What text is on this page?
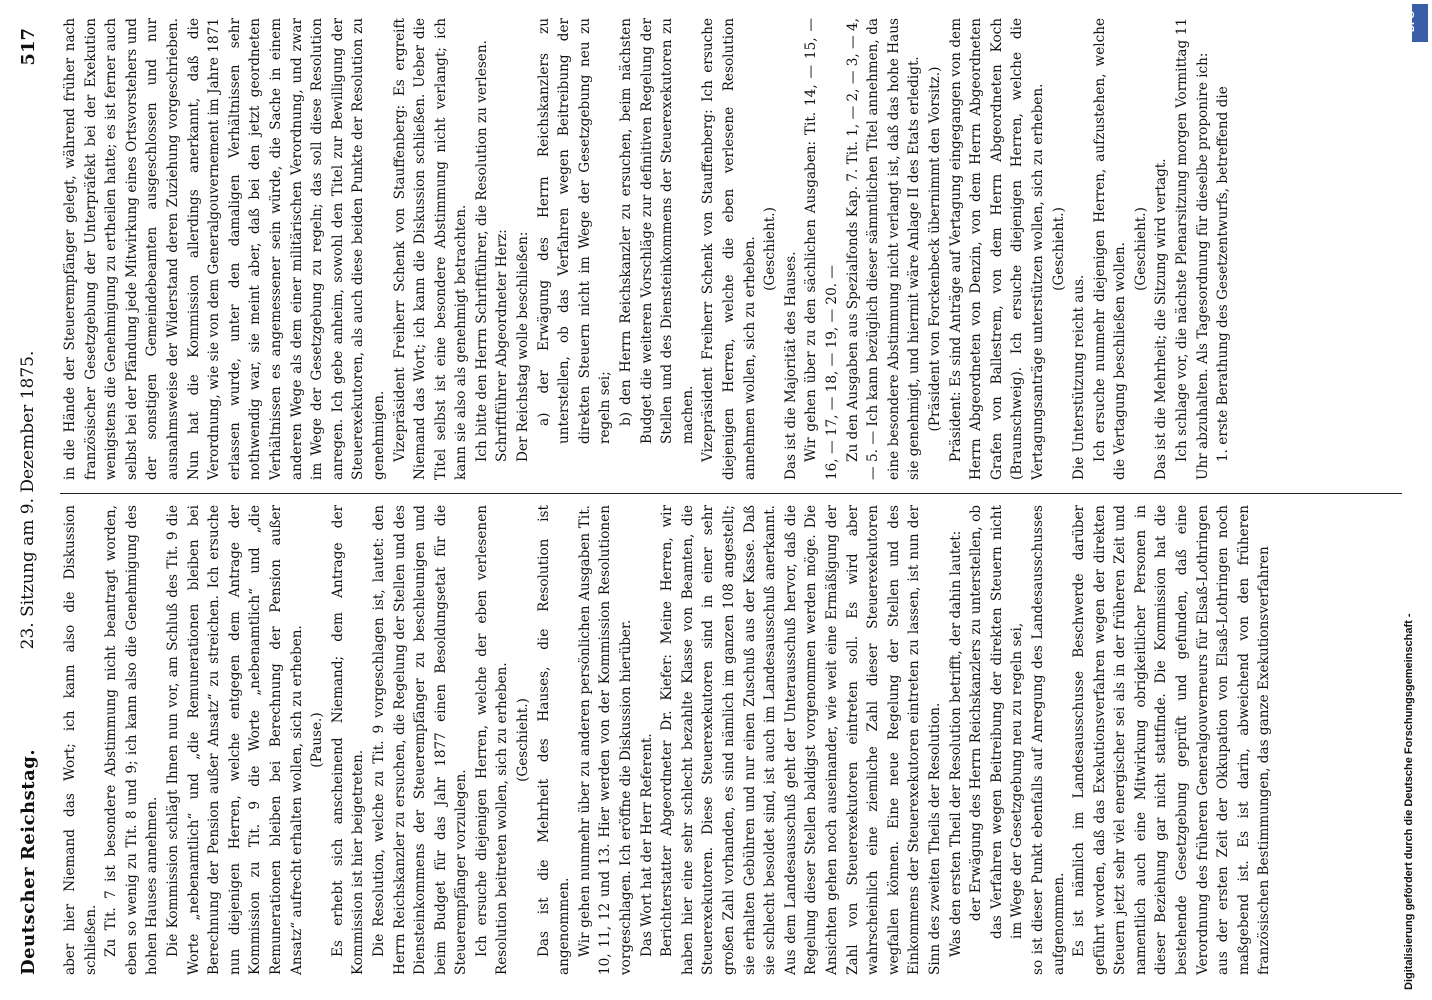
Deutscher Reichstag.
23. Sitzung am 9. Dezember 1875.
517

aber hier Niemand das Wort; ich kann also die Diskussion schließen. Zu Tit. 7 ist besondere Abstimmung nicht beantragt worden, eben so wenig zu Tit. 8 und 9; ich kann also die Genehmigung des hohen Hauses annehmen. Die Kommission schlägt Ihnen nun vor, am Schluß des Tit. 9 die Worte „nebenamtlich“ und „die Remunerationen bleiben bei Berechnung der Pension außer Ansatz“ zu streichen. Ich ersuche nun diejenigen Herren, welche entgegen dem Antrage der Kommission zu Tit. 9 die Worte „nebenamtlich“ und „die Remunerationen bleiben bei Berechnung der Pension außer Ansatz“ aufrecht erhalten wollen, sich zu erheben. (Pause.) Es erhebt sich anscheinend Niemand; dem Antrage der Kommission ist hier beigetreten. Die Resolution, welche zu Tit. 9 vorgeschlagen ist, lautet: den Herrn Reichskanzler zu ersuchen, die Regelung der Stellen und des Diensteinkommens der Steuerempfänger zu beschleunigen und beim Budget für das Jahr 1877 einen Besoldungsetat für die Steuerempfänger vorzulegen. Ich ersuche diejenigen Herren, welche der eben verlesenen Resolution beitreten wollen, sich zu erheben. (Geschieht.) Das ist die Mehrheit des Hauses, die Resolution ist angenommen. Wir gehen nunmehr über zu anderen persönlichen Ausgaben Tit. 10, 11, 12 und 13. Hier werden von der Kommission Resolutionen vorgeschlagen. Ich eröffne die Diskussion hierüber. Das Wort hat der Herr Referent. Berichterstatter Abgeordneter Dr. Kiefer: Meine Herren, wir haben hier eine sehr schlecht bezahlte Klasse von Beamten, die Steuerexekutoren. Diese Steuerexekutoren sind in einer sehr großen Zahl vorhanden, es sind nämlich im ganzen 108 angestellt; sie erhalten Gebühren und nur einen Zuschuß aus der Kasse. Daß sie schlecht besoldet sind, ist auch im Landesausschuß anerkannt. Aus dem Landesausschuß geht der Unterausschuß hervor, daß die Regelung dieser Stellen baldigst vorgenommen werden möge. Die Ansichten gehen noch auseinander, wie weit eine Ermäßigung der Zahl von Steuerexekutoren eintreten soll. Es wird aber wahrscheinlich eine ziemliche Zahl dieser Steuerexekutoren wegfallen können. Eine neue Regelung der Stellen und des Einkommens der Steuerexekutoren eintreten zu lassen, ist nun der Sinn des zweiten Theils der Resolution. Was den ersten Theil der Resolution betrifft, der dahin lautet: der Erwägung des Herrn Reichskanzlers zu unterstellen, ob das Verfahren wegen Beitreibung der direkten Steuern nicht im Wege der Gesetzgebung neu zu regeln sei, so ist dieser Punkt ebenfalls auf Anregung des Landesausschusses aufgenommen. Es ist nämlich im Landesausschusse Beschwerde darüber geführt worden, daß das Exekutionsverfahren wegen der direkten Steuern jetzt sehr viel energischer sei als in der früheren Zeit und namentlich auch eine Mitwirkung obrigkeitlicher Personen in dieser Beziehung gar nicht stattfinde. Die Kommission hat die bestehende Gesetzgebung geprüft und gefunden, daß eine Verordnung des früheren Generalgouverneurs für Elsaß-Lothringen aus der ersten Zeit der Okkupation von Elsaß-Lothringen noch maßgebend ist. Es ist darin, abweichend von den früheren französischen Bestimmungen, das ganze Exekutionsverfahren

in die Hände der Steuerempfänger gelegt, während früher nach französischer Gesetzgebung der Unterpräfekt bei der Exekution wenigstens die Genehmigung zu ertheilen hatte; es ist ferner auch selbst bei der Pfändung jede Mitwirkung eines Ortsvorstehers und der sonstigen Gemeindebeamten ausgeschlossen und nur ausnahmsweise der Widerstand deren Zuziehung vorgeschrieben. Nun hat die Kommission allerdings anerkannt, daß die Verordnung, wie sie von dem Generalgouvernement im Jahre 1871 erlassen wurde, unter den damaligen Verhältnissen sehr nothwendig war, sie meint aber, daß bei den jetzt geordneten Verhältnissen es angemessener sein würde, die Sache in einem anderen Wege als dem einer militärischen Verordnung, und zwar im Wege der Gesetzgebung zu regeln; das soll diese Resolution anregen. Ich gebe anheim, sowohl den Titel zur Bewilligung der Steuerexekutoren, als auch diese beiden Punkte der Resolution zu genehmigen. Vizepräsident Freiherr Schenk von Stauffenberg: Es ergreift Niemand das Wort; ich kann die Diskussion schließen. Ueber die Titel selbst ist eine besondere Abstimmung nicht verlangt; ich kann sie also als genehmigt betrachten. Ich bitte den Herrn Schriftführer, die Resolution zu verlesen. Schriftführer Abgeordneter Herz: Der Reichstag wolle beschließen: a) der Erwägung des Herrn Reichskanzlers zu unterstellen, ob das Verfahren wegen Beitreibung der direkten Steuern nicht im Wege der Gesetzgebung neu zu regeln sei; b) den Herrn Reichskanzler zu ersuchen, beim nächsten Budget die weiteren Vorschläge zur definitiven Regelung der Stellen und des Diensteinkommens der Steuerexekutoren zu machen. Vizepräsident Freiherr Schenk von Stauffenberg: Ich ersuche diejenigen Herren, welche die eben verlesene Resolution annehmen wollen, sich zu erheben. (Geschieht.)

Das ist die Majorität des Hauses. Wir gehen über zu den sächlichen Ausgaben: Tit. 14, — 15, — 16, — 17, — 18, — 19, — 20. — Zu den Ausgaben aus Spezialfonds Kap. 7. Tit. 1, — 2, — 3, — 4, — 5. — Ich kann bezüglich dieser sämmtlichen Titel annehmen, da eine besondere Abstimmung nicht verlangt ist, daß das hohe Haus sie genehmigt, und hiermit wäre Anlage II des Etats erledigt. (Präsident von Forckenbeck übernimmt den Vorsitz.) Präsident: Es sind Anträge auf Vertagung eingegangen von dem Herrn Abgeordneten von Denzin, von dem Herrn Abgeordneten Grafen von Ballestrem, von dem Herrn Abgeordneten Koch (Braunschweig). Ich ersuche diejenigen Herren, welche die Vertagungsanträge unterstützen wollen, sich zu erheben. (Geschieht.)

Die Unterstützung reicht aus. Ich ersuche nunmehr diejenigen Herren, aufzustehen, welche die Vertagung beschließen wollen. (Geschieht.) Das ist die Mehrheit; die Sitzung wird vertagt. Ich schlage vor, die nächste Plenarsitzung morgen Vormittag 11 Uhr abzuhalten. Als Tagesordnung für dieselbe proponire ich: 1. erste Berathung des Gesetzentwurfs, betreffend die

Digitalisierung gefördert durch die Deutsche Forschungsgemeinschaft -
DFG
